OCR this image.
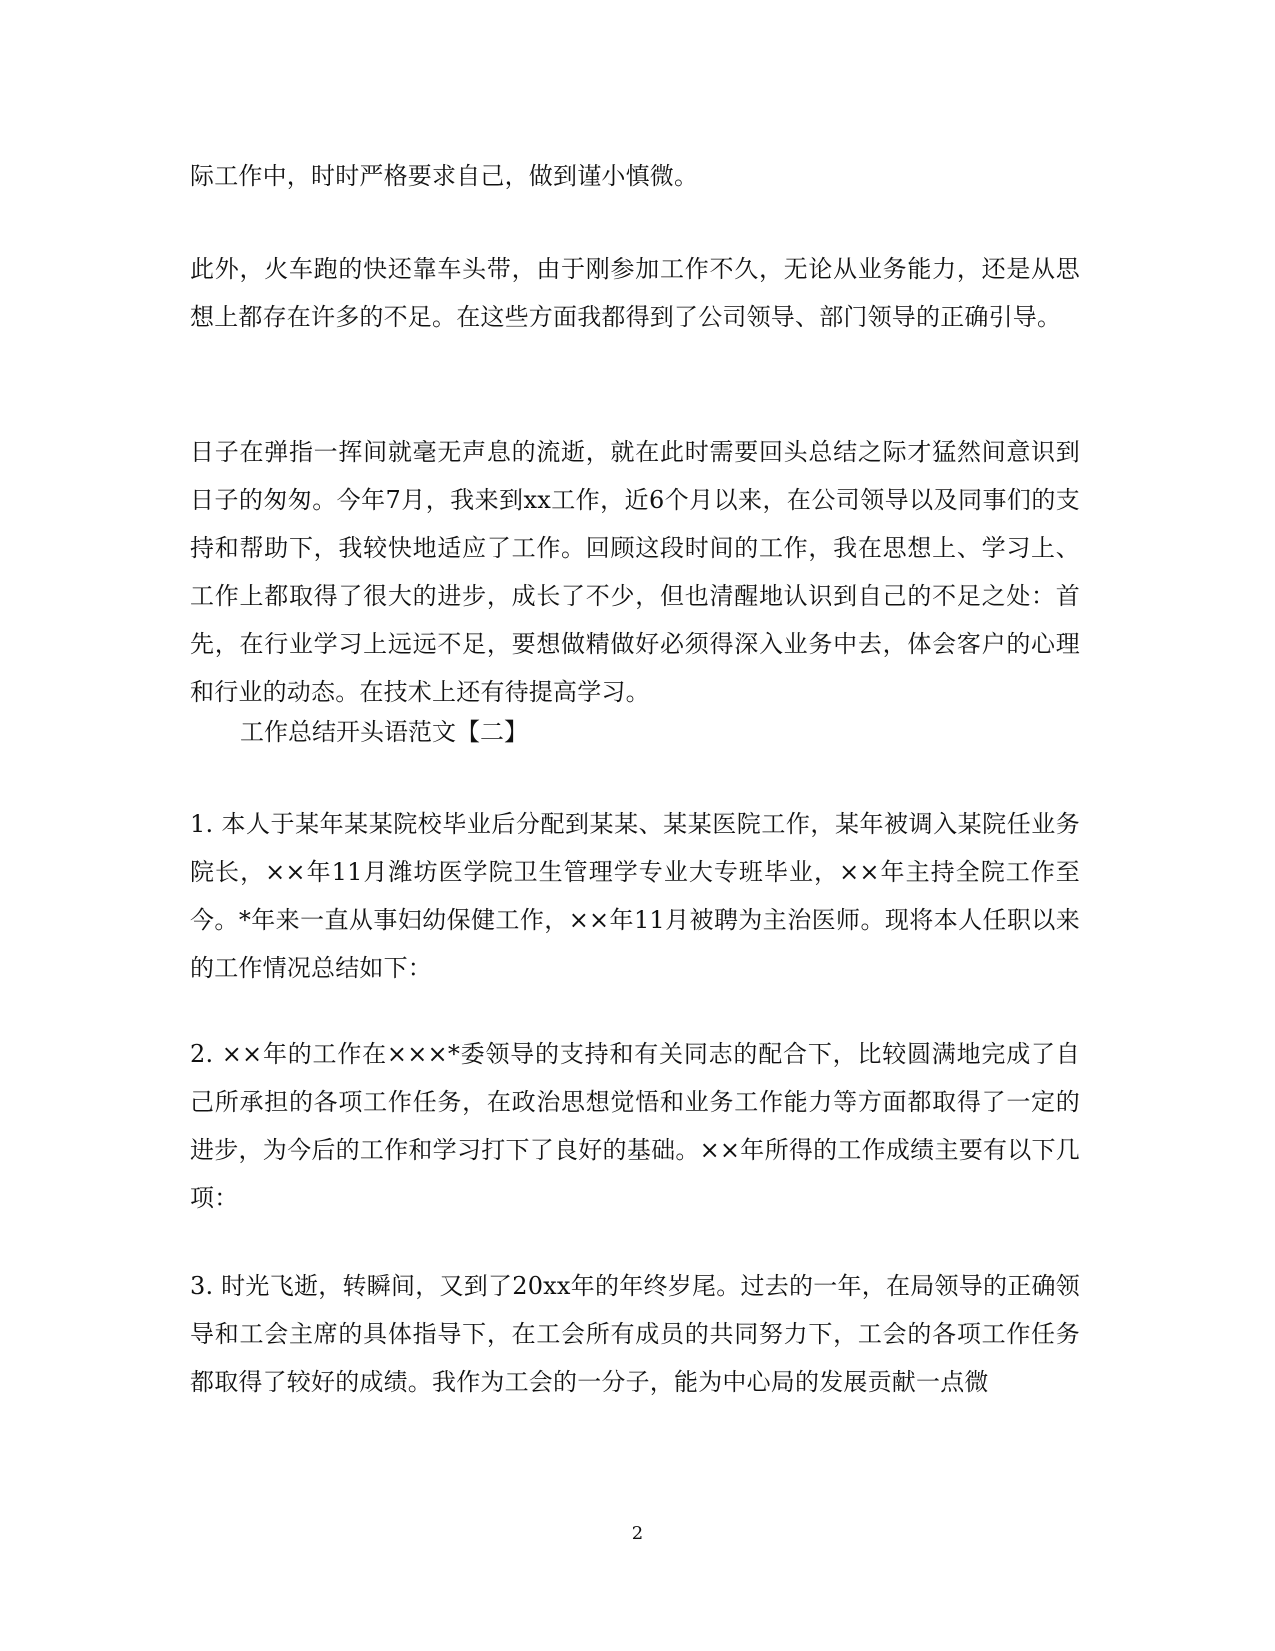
际工作中，时时严格要求自己，做到谨小慎微。

此外，火车跑的快还靠车头带，由于刚参加工作不久，无论从业务能力，还是从思想上都存在许多的不足。在这些方面我都得到了公司领导、部门领导的正确引导。

日子在弹指一挥间就毫无声息的流逝，就在此时需要回头总结之际才猛然间意识到日子的匆匆。今年7月，我来到xx工作，近6个月以来，在公司领导以及同事们的支持和帮助下，我较快地适应了工作。回顾这段时间的工作，我在思想上、学习上、工作上都取得了很大的进步，成长了不少，但也清醒地认识到自己的不足之处：首先，在行业学习上远远不足，要想做精做好必须得深入业务中去，体会客户的心理和行业的动态。在技术上还有待提高学习。

工作总结开头语范文【二】

1. 本人于某年某某院校毕业后分配到某某、某某医院工作，某年被调入某院任业务院长，××年11月潍坊医学院卫生管理学专业大专班毕业，××年主持全院工作至今。*年来一直从事妇幼保健工作，××年11月被聘为主治医师。现将本人任职以来的工作情况总结如下：

2. ××年的工作在×××*委领导的支持和有关同志的配合下，比较圆满地完成了自己所承担的各项工作任务，在政治思想觉悟和业务工作能力等方面都取得了一定的进步，为今后的工作和学习打下了良好的基础。××年所得的工作成绩主要有以下几项：

3. 时光飞逝，转瞬间，又到了20xx年的年终岁尾。过去的一年，在局领导的正确领导和工会主席的具体指导下，在工会所有成员的共同努力下，工会的各项工作任务都取得了较好的成绩。我作为工会的一分子，能为中心局的发展贡献一点微

2
